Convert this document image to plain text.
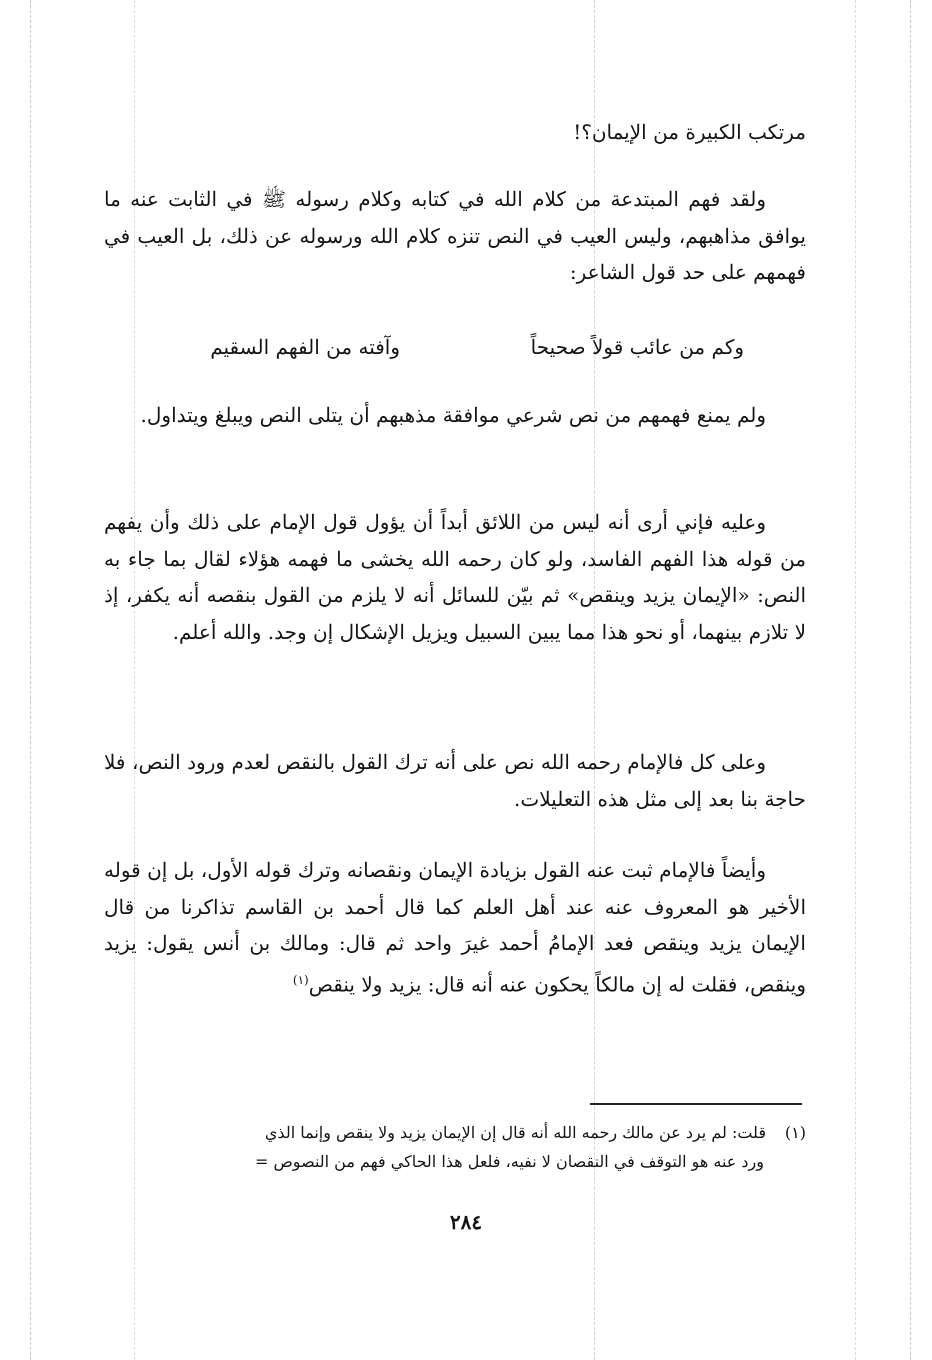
مرتكب الكبيرة من الإيمان؟!

ولقد فهم المبتدعة من كلام الله في كتابه وكلام رسوله ﷺ في الثابت عنه ما يوافق مذاهبهم، وليس العيب في النص تنزه كلام الله ورسوله عن ذلك، بل العيب في فهمهم على حد قول الشاعر:

وكم من عائب قولاً صحيحاً
وآفته من الفهم السقيم

ولم يمنع فهمهم من نص شرعي موافقة مذهبهم أن يتلى النص ويبلغ ويتداول.

وعليه فإني أرى أنه ليس من اللائق أبداً أن يؤول قول الإمام على ذلك وأن يفهم من قوله هذا الفهم الفاسد، ولو كان رحمه الله يخشى ما فهمه هؤلاء لقال بما جاء به النص: «الإيمان يزيد وينقص» ثم بيّن للسائل أنه لا يلزم من القول بنقصه أنه يكفر، إذ لا تلازم بينهما، أو نحو هذا مما يبين السبيل ويزيل الإشكال إن وجد. والله أعلم.

وعلى كل فالإمام رحمه الله نص على أنه ترك القول بالنقص لعدم ورود النص، فلا حاجة بنا بعد إلى مثل هذه التعليلات.

وأيضاً فالإمام ثبت عنه القول بزيادة الإيمان ونقصانه وترك قوله الأول، بل إن قوله الأخير هو المعروف عنه عند أهل العلم كما قال أحمد بن القاسم تذاكرنا من قال الإيمان يزيد وينقص فعد الإمامُ أحمد غيرَ واحد ثم قال: ومالك بن أنس يقول: يزيد وينقص، فقلت له إن مالكاً يحكون عنه أنه قال: يزيد ولا ينقص$^{(١)}$

(١)قلت: لم يرد عن مالك رحمه الله أنه قال إن الإيمان يزيد ولا ينقص وإنما الذي
ورد عنه هو التوقف في النقصان لا نفيه، فلعل هذا الحاكي فهم من النصوص =
٢٨٤
